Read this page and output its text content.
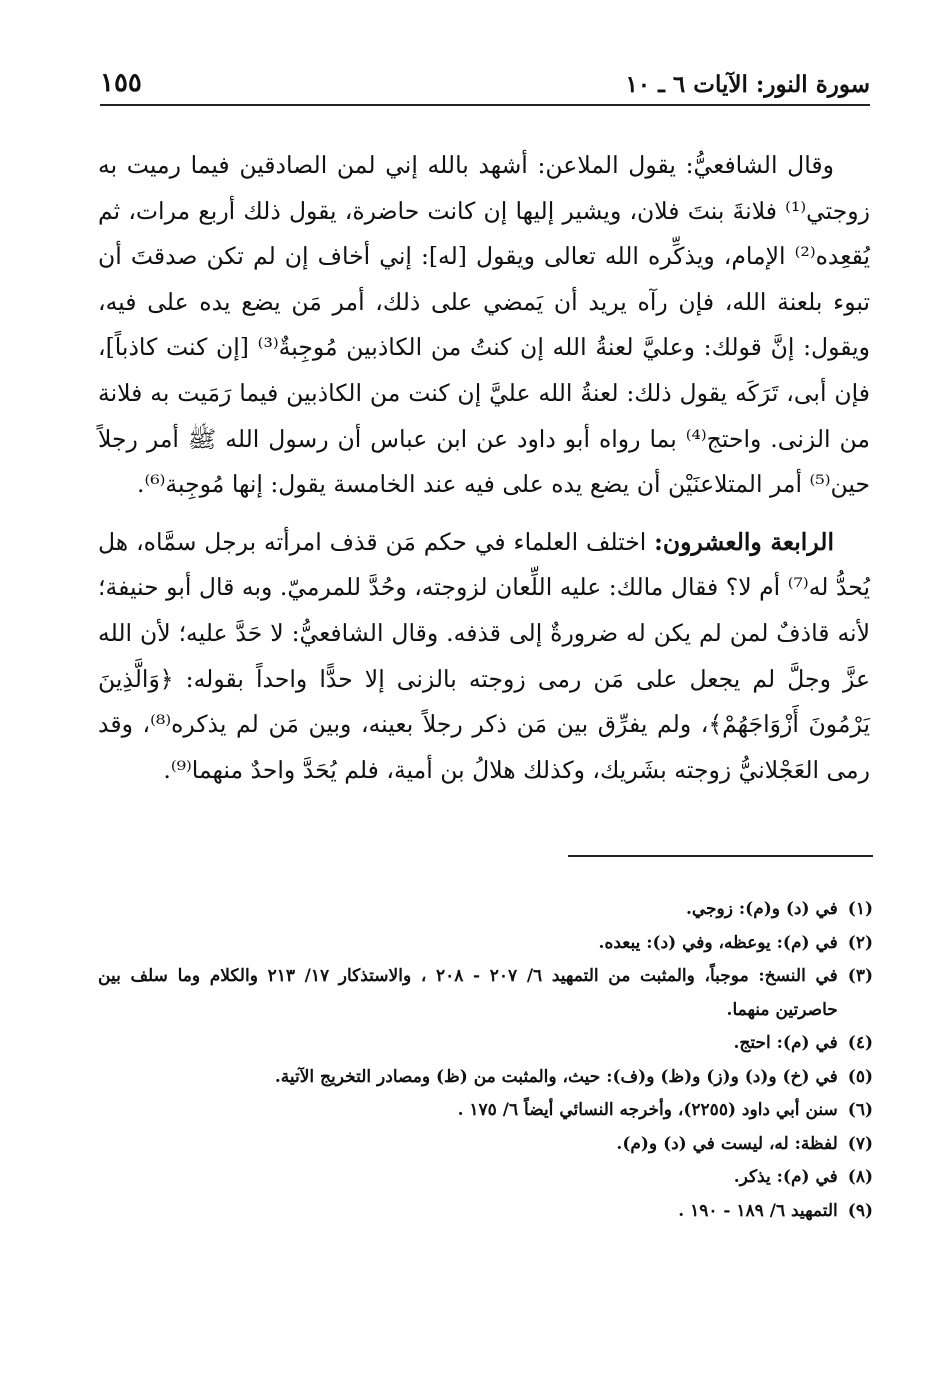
سورة النور: الآيات ٦ ـ ١٠
١٥٥

وقال الشافعيُّ: يقول الملاعن: أشهد بالله إني لمن الصادقين فيما رميت به زوجتي⁽¹⁾ فلانةَ بنتَ فلان، ويشير إليها إن كانت حاضرة، يقول ذلك أربع مرات، ثم يُقعِده⁽²⁾ الإمام، ويذكِّره الله تعالى ويقول [له]: إني أخاف إن لم تكن صدقتَ أن تبوء بلعنة الله، فإن رآه يريد أن يَمضي على ذلك، أمر مَن يضع يده على فيه، ويقول: إنَّ قولك: وعليَّ لعنةُ الله إن كنتُ من الكاذبين مُوجِبةٌ⁽³⁾ [إن كنت كاذباً]، فإن أبى، تَرَكَه يقول ذلك: لعنةُ الله عليَّ إن كنت من الكاذبين فيما رَمَيت به فلانة من الزنى. واحتج⁽⁴⁾ بما رواه أبو داود عن ابن عباس أن رسول الله ﷺ أمر رجلاً حين⁽⁵⁾ أمر المتلاعنَيْن أن يضع يده على فيه عند الخامسة يقول: إنها مُوجِبة⁽⁶⁾.

الرابعة والعشرون: اختلف العلماء في حكم مَن قذف امرأته برجل سمَّاه، هل يُحدُّ له⁽⁷⁾ أم لا؟ فقال مالك: عليه اللِّعان لزوجته، وحُدَّ للمرميّ. وبه قال أبو حنيفة؛ لأنه قاذفٌ لمن لم يكن له ضرورةٌ إلى قذفه. وقال الشافعيُّ: لا حَدَّ عليه؛ لأن الله عزَّ وجلَّ لم يجعل على مَن رمى زوجته بالزنى إلا حدًّا واحداً بقوله: ﴿وَالَّذِينَ يَرْمُونَ أَزْوَاجَهُمْ﴾، ولم يفرِّق بين مَن ذكر رجلاً بعينه، وبين مَن لم يذكره⁽⁸⁾، وقد رمى العَجْلانيُّ زوجته بشَريك، وكذلك هلالُ بن أمية، فلم يُحَدَّ واحدٌ منهما⁽⁹⁾.

(١)
في (د) و(م): زوجي.
(٢)
في (م): يوعظه، وفي (د): يبعده.
(٣)
في النسخ: موجباً، والمثبت من التمهيد ٦/ ٢٠٧ - ٢٠٨ ، والاستذكار ١٧/ ٢١٣ والكلام وما سلف بين حاصرتين منهما.
(٤)
في (م): احتج.
(٥)
في (خ) و(د) و(ز) و(ظ) و(ف): حيث، والمثبت من (ظ) ومصادر التخريج الآتية.
(٦)
سنن أبي داود (٢٢٥٥)، وأخرجه النسائي أيضاً ٦/ ١٧٥ .
(٧)
لفظة: له، ليست في (د) و(م).
(٨)
في (م): يذكر.
(٩)
التمهيد ٦/ ١٨٩ - ١٩٠ .
